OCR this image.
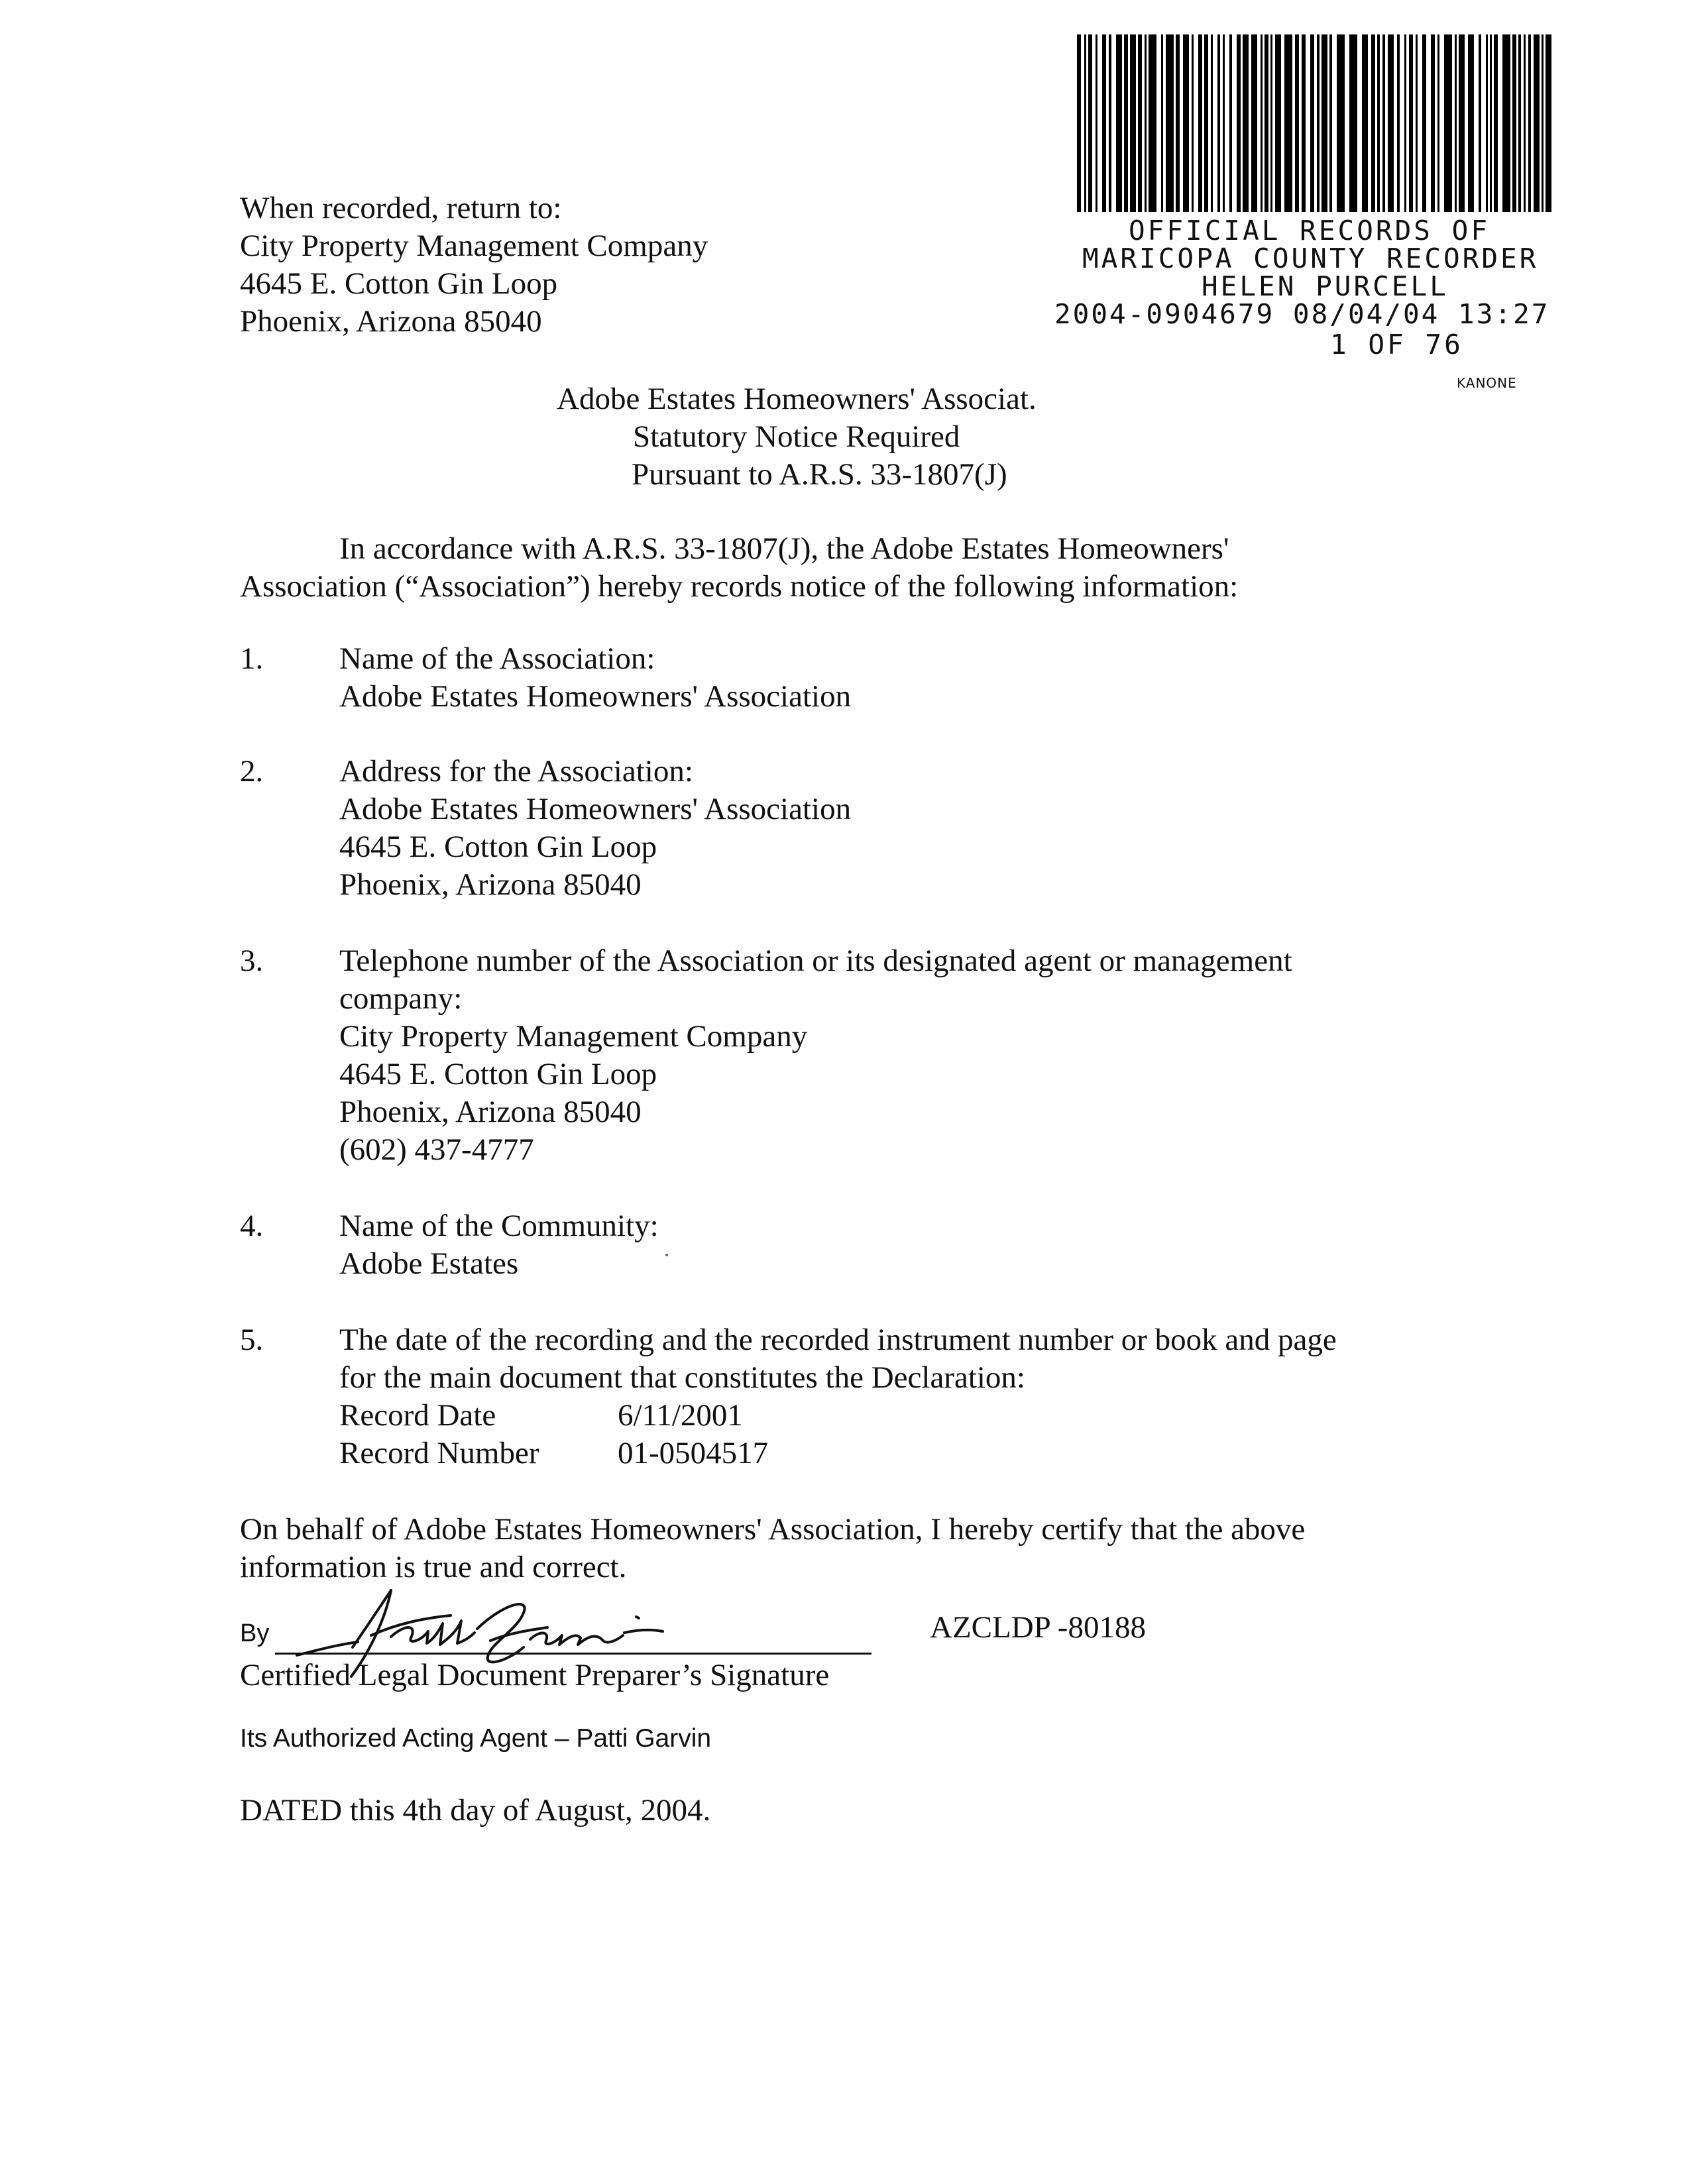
When recorded, return to:
City Property Management Company
4645 E. Cotton Gin Loop
Phoenix, Arizona 85040
OFFICIAL RECORDS OF
MARICOPA COUNTY RECORDER
HELEN PURCELL
2004-0904679 08/04/04 13:27
1 OF 76
KANONE
Adobe Estates Homeowners' Associat.
Statutory Notice Required
Pursuant to A.R.S. 33-1807(J)
In accordance with A.R.S. 33-1807(J), the Adobe Estates Homeowners'
Association (“Association”) hereby records notice of the following information:
1. Name of the Association:
Adobe Estates Homeowners' Association
2. Address for the Association:
Adobe Estates Homeowners' Association
4645 E. Cotton Gin Loop
Phoenix, Arizona 85040
3. Telephone number of the Association or its designated agent or management
company:
City Property Management Company
4645 E. Cotton Gin Loop
Phoenix, Arizona 85040
(602) 437-4777
4. Name of the Community:
Adobe Estates
5. The date of the recording and the recorded instrument number or book and page
for the main document that constitutes the Declaration:
Record Date	6/11/2001
Record Number	01-0504517
On behalf of Adobe Estates Homeowners' Association, I hereby certify that the above
information is true and correct.
By	AZCLDP -80188
Certified Legal Document Preparer’s Signature
Its Authorized Acting Agent – Patti Garvin
DATED this 4th day of August, 2004.
